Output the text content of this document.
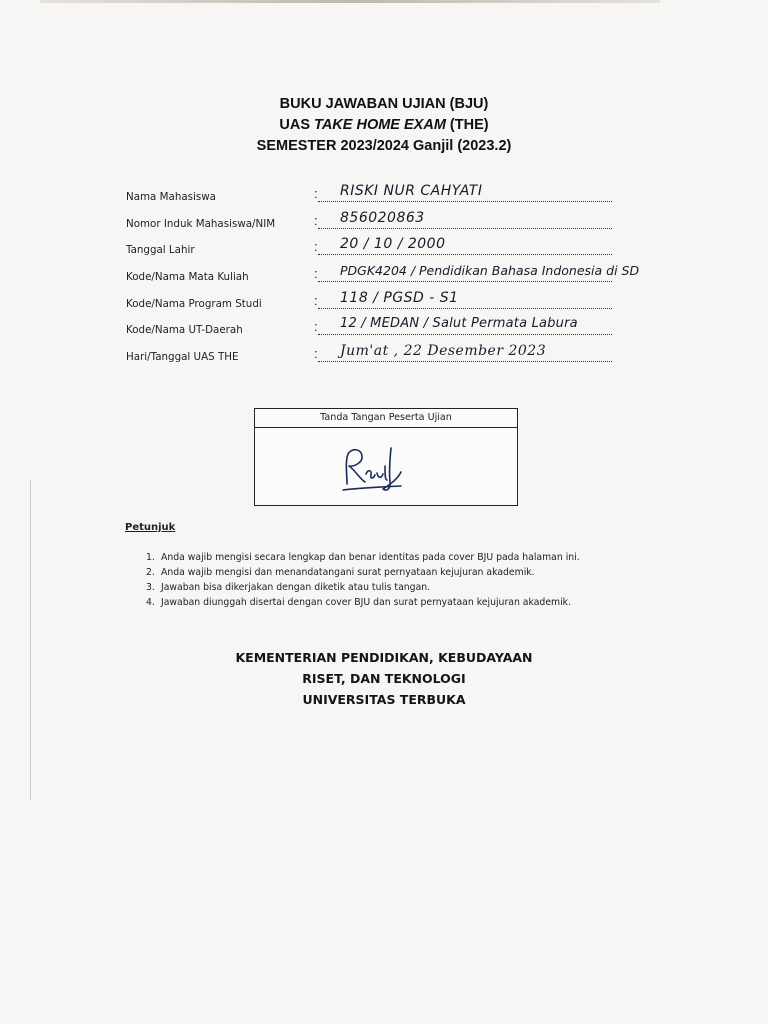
BUKU JAWABAN UJIAN (BJU)
UAS TAKE HOME EXAM (THE)
SEMESTER 2023/2024 Ganjil (2023.2)
Nama Mahasiswa	: RISKI NUR CAHYATI
Nomor Induk Mahasiswa/NIM	: 856020863
Tanggal Lahir	: 20 / 10 / 2000
Kode/Nama Mata Kuliah	: PDGK4204 / Pendidikan Bahasa Indonesia di SD
Kode/Nama Program Studi	: 118 / PGSD - S1
Kode/Nama UT-Daerah	: 12 / MEDAN / Salut Permata Labura
Hari/Tanggal UAS THE	: Jum'at , 22 Desember 2023
Tanda Tangan Peserta Ujian
Petunjuk
1. Anda wajib mengisi secara lengkap dan benar identitas pada cover BJU pada halaman ini.
2. Anda wajib mengisi dan menandatangani surat pernyataan kejujuran akademik.
3. Jawaban bisa dikerjakan dengan diketik atau tulis tangan.
4. Jawaban diunggah disertai dengan cover BJU dan surat pernyataan kejujuran akademik.
KEMENTERIAN PENDIDIKAN, KEBUDAYAAN
RISET, DAN TEKNOLOGI
UNIVERSITAS TERBUKA
